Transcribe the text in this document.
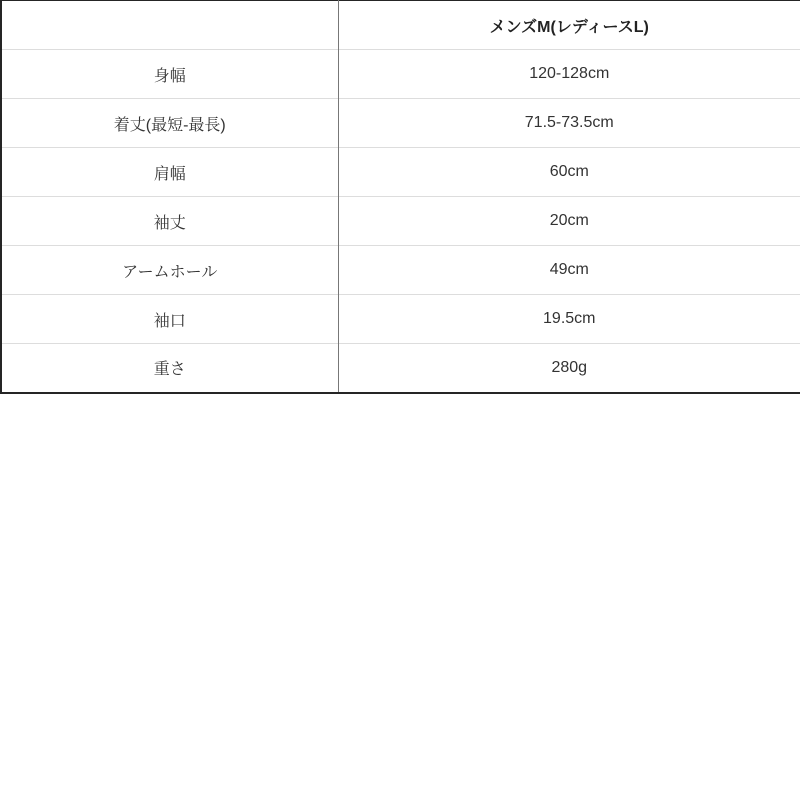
	メンズM(レディースL)
身幅	120-128cm
着丈(最短-最長)	71.5-73.5cm
肩幅	60cm
袖丈	20cm
アームホール	49cm
袖口	19.5cm
重さ	280g
